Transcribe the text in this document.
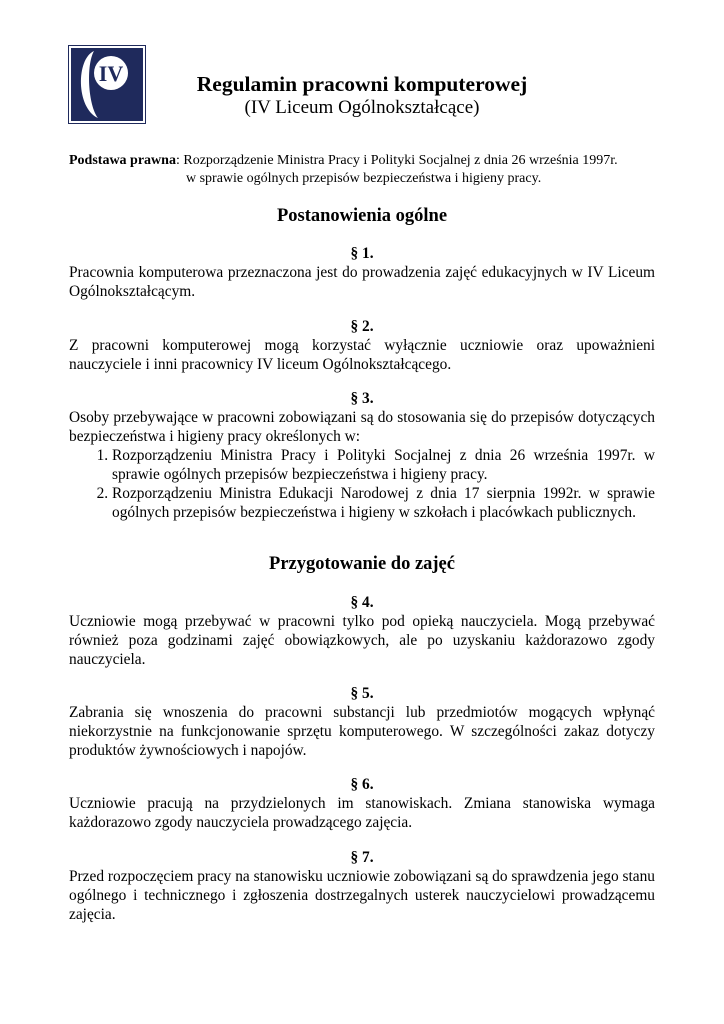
IV	Regulamin pracowni komputerowej
(IV Liceum Ogólnokształcące)
Podstawa prawna: Rozporządzenie Ministra Pracy i Polityki Socjalnej z dnia 26 września 1997r.
w sprawie ogólnych przepisów bezpieczeństwa i higieny pracy.
Postanowienia ogólne

§ 1.

Pracownia komputerowa przeznaczona jest do prowadzenia zajęć edukacyjnych w IV Liceum Ogólnokształcącym.

§ 2.

Z pracowni komputerowej mogą korzystać wyłącznie uczniowie oraz upoważnieni nauczyciele i inni pracownicy IV liceum Ogólnokształcącego.

§ 3.

Osoby przebywające w pracowni zobowiązani są do stosowania się do przepisów dotyczących bezpieczeństwa i higieny pracy określonych w:

1. Rozporządzeniu Ministra Pracy i Polityki Socjalnej z dnia 26 września 1997r. w sprawie ogólnych przepisów bezpieczeństwa i higieny pracy.
2. Rozporządzeniu Ministra Edukacji Narodowej z dnia 17 sierpnia 1992r. w sprawie ogólnych przepisów bezpieczeństwa i higieny w szkołach i placówkach publicznych.
Przygotowanie do zajęć

§ 4.

Uczniowie mogą przebywać w pracowni tylko pod opieką nauczyciela. Mogą przebywać również poza godzinami zajęć obowiązkowych, ale po uzyskaniu każdorazowo zgody nauczyciela.

§ 5.

Zabrania się wnoszenia do pracowni substancji lub przedmiotów mogących wpłynąć niekorzystnie na funkcjonowanie sprzętu komputerowego. W szczególności zakaz dotyczy produktów żywnościowych i napojów.

§ 6.

Uczniowie pracują na przydzielonych im stanowiskach. Zmiana stanowiska wymaga każdorazowo zgody nauczyciela prowadzącego zajęcia.

§ 7.

Przed rozpoczęciem pracy na stanowisku uczniowie zobowiązani są do sprawdzenia jego stanu ogólnego i technicznego i zgłoszenia dostrzegalnych usterek nauczycielowi prowadzącemu zajęcia.
